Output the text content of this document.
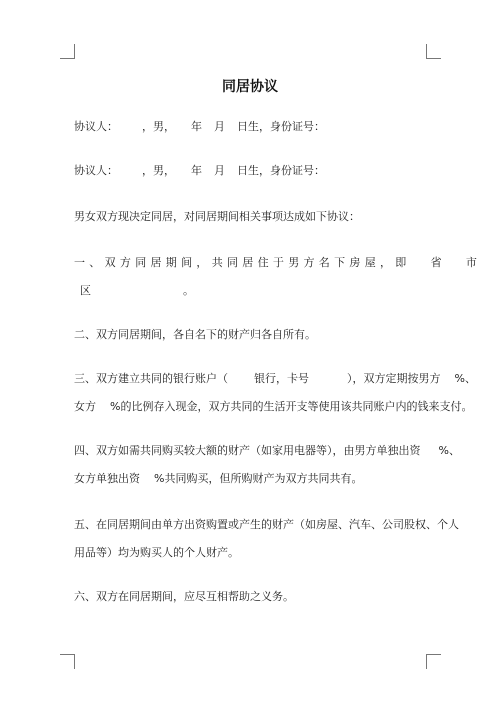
同居协议
协议人： ，男， 年 月 日生，身份证号：
协议人： ，男， 年 月 日生，身份证号：
男女双方现决定同居，对同居期间相关事项达成如下协议：
一、双方同居期间，共同居住于男方名下房屋，即 省 市
区	。
二、双方同居期间，各自名下的财产归各自所有。
三、双方建立共同的银行账户（ 银行，卡号	），双方定期按男方 %、
女方 %的比例存入现金，双方共同的生活开支等使用该共同账户内的钱来支付。
四、双方如需共同购买较大额的财产（如家用电器等），由男方单独出资 %、
女方单独出资 %共同购买，但所购财产为双方共同共有。
五、在同居期间由单方出资购置或产生的财产（如房屋、汽车、公司股权、个人
用品等）均为购买人的个人财产。
六、双方在同居期间，应尽互相帮助之义务。
